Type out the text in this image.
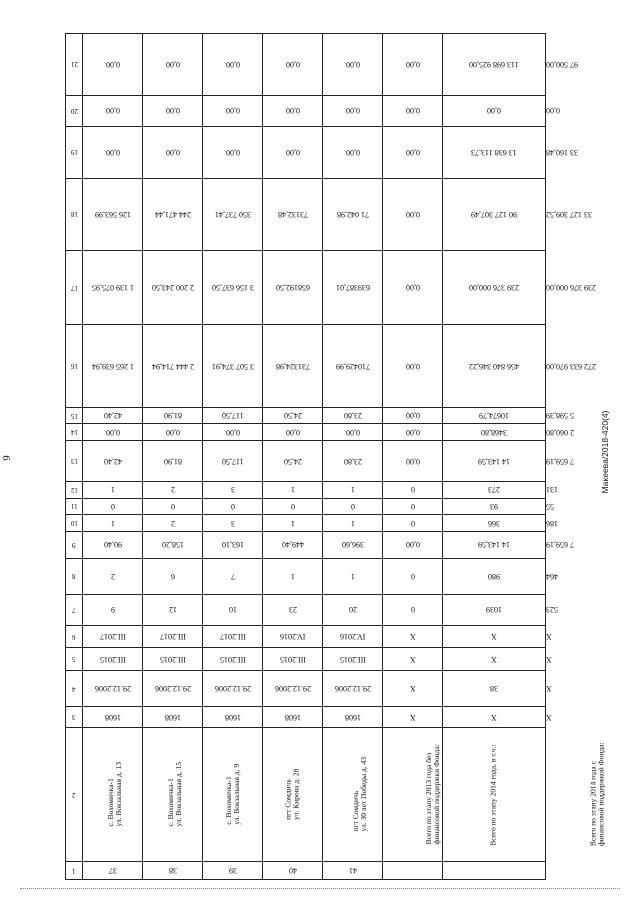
6	Макеева/2018-420(4)
21	0,00	0,00	0,00	0,00	0,00	0,00	113 698 925,00	97 500,00
20	0,00	0,00	0,00	0,00	0,00	0,00	0,00	0,00
19	0,00	0,00	0,00	0,00	0,00	0,00	13 638 113,73	33 160,48
18	126 563,99	244 471,44	350 737,41	73132,48	71 042,98	0,00	90 127 307,49	33 127 309,52
17	1 139 075,95	2 200 243,50	3 156 637,50	658192,50	639387,01	0,00	239 376 000,00	239 376 000,00
16	1 265 639,94	2 444 714,94	3 507 374,91	731324,98	710429,99	0,00	456 840 346,22	272 633 970,00
15	42,40	81,90	117,50	24,50	23,80	0,00	10674,79	5 598,39
14	0,00	0,00	0,00	0,00	0,00	0,00	3468,80	2 060,80
13	42,40	81,90	117,50	24,50	23,80	0,00	14 143,59	7 659,19
12	1	2	3	1	1	0	273	131
11	0	0	0	0	0	0	93	55
10	1	2	3	1	1	0	366	186
9	90,40	158,20	163,10	449,40	396,60	0,00	14 143,59	7 659,19
8	2	6	7	1	1	0	980	464
7	9	12	10	23	20	0	1039	523
6	III.2017	III.2017	III.2017	IV.2016	IV.2016	X	X	X
5	III.2015	III.2015	III.2015	III.2015	III.2015	X	X	X
4	29.12.2006	29.12.2006	29.12.2006	29.12.2006	29.12.2006	X	38	X
3	1608	1608	1608	1608	1608	X	X	X
2	с. Вохомичка-1
ул. Вокзальная д. 13	с. Вохомичка-1
ул. Вокзальная д. 15	с. Вохомичка-1
ул. Вокзальная д. 9	пгт Сомдичь
ул. Кирова д. 28	пгт Сомдичь
ул. 30 лет Победы д. 43	Всего по этапу 2013 года без
финансовой поддержки Фонда:	Всего по этапу 2014 года, в т.ч.:	Всего по этапу 2014 года с
финансовой поддержкой Фонда:
1	37	38	39	40	41			
